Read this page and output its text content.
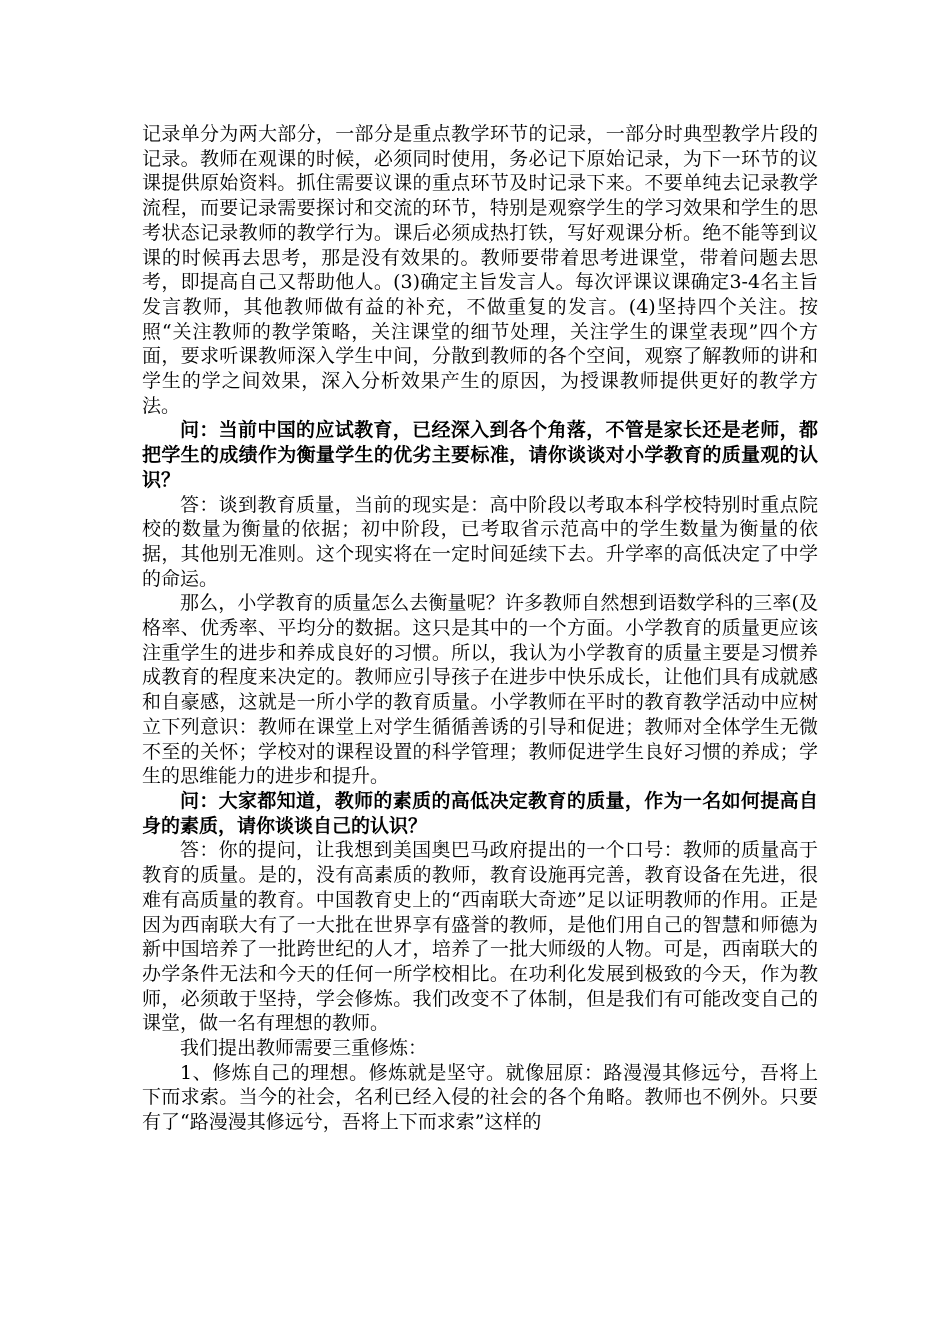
记录单分为两大部分，一部分是重点教学环节的记录，一部分时典型教学片段的记录。教师在观课的时候，必须同时使用，务必记下原始记录，为下一环节的议课提供原始资料。抓住需要议课的重点环节及时记录下来。不要单纯去记录教学流程，而要记录需要探讨和交流的环节，特别是观察学生的学习效果和学生的思考状态记录教师的教学行为。课后必须成热打铁，写好观课分析。绝不能等到议课的时候再去思考，那是没有效果的。教师要带着思考进课堂，带着问题去思考，即提高自己又帮助他人。(3)确定主旨发言人。每次评课议课确定3-4名主旨发言教师，其他教师做有益的补充，不做重复的发言。(4)坚持四个关注。按照“关注教师的教学策略，关注课堂的细节处理，关注学生的课堂表现”四个方面，要求听课教师深入学生中间，分散到教师的各个空间，观察了解教师的讲和学生的学之间效果，深入分析效果产生的原因，为授课教师提供更好的教学方法。

问：当前中国的应试教育，已经深入到各个角落，不管是家长还是老师，都把学生的成绩作为衡量学生的优劣主要标准，请你谈谈对小学教育的质量观的认识？

答：谈到教育质量，当前的现实是：高中阶段以考取本科学校特别时重点院校的数量为衡量的依据；初中阶段，已考取省示范高中的学生数量为衡量的依据，其他别无准则。这个现实将在一定时间延续下去。升学率的高低决定了中学的命运。

那么，小学教育的质量怎么去衡量呢？许多教师自然想到语数学科的三率(及格率、优秀率、平均分的数据。这只是其中的一个方面。小学教育的质量更应该注重学生的进步和养成良好的习惯。所以，我认为小学教育的质量主要是习惯养成教育的程度来决定的。教师应引导孩子在进步中快乐成长，让他们具有成就感和自豪感，这就是一所小学的教育质量。小学教师在平时的教育教学活动中应树立下列意识：教师在课堂上对学生循循善诱的引导和促进；教师对全体学生无微不至的关怀；学校对的课程设置的科学管理；教师促进学生良好习惯的养成；学生的思维能力的进步和提升。

问：大家都知道，教师的素质的高低决定教育的质量，作为一名如何提高自身的素质，请你谈谈自己的认识？

答：你的提问，让我想到美国奥巴马政府提出的一个口号：教师的质量高于教育的质量。是的，没有高素质的教师，教育设施再完善，教育设备在先进，很难有高质量的教育。中国教育史上的“西南联大奇迹”足以证明教师的作用。正是因为西南联大有了一大批在世界享有盛誉的教师，是他们用自己的智慧和师德为新中国培养了一批跨世纪的人才，培养了一批大师级的人物。可是，西南联大的办学条件无法和今天的任何一所学校相比。在功利化发展到极致的今天，作为教师，必须敢于坚持，学会修炼。我们改变不了体制，但是我们有可能改变自己的课堂，做一名有理想的教师。

我们提出教师需要三重修炼：

1、修炼自己的理想。修炼就是坚守。就像屈原：路漫漫其修远兮，吾将上下而求索。当今的社会，名利已经入侵的社会的各个角略。教师也不例外。只要有了“路漫漫其修远兮，吾将上下而求索”这样的
